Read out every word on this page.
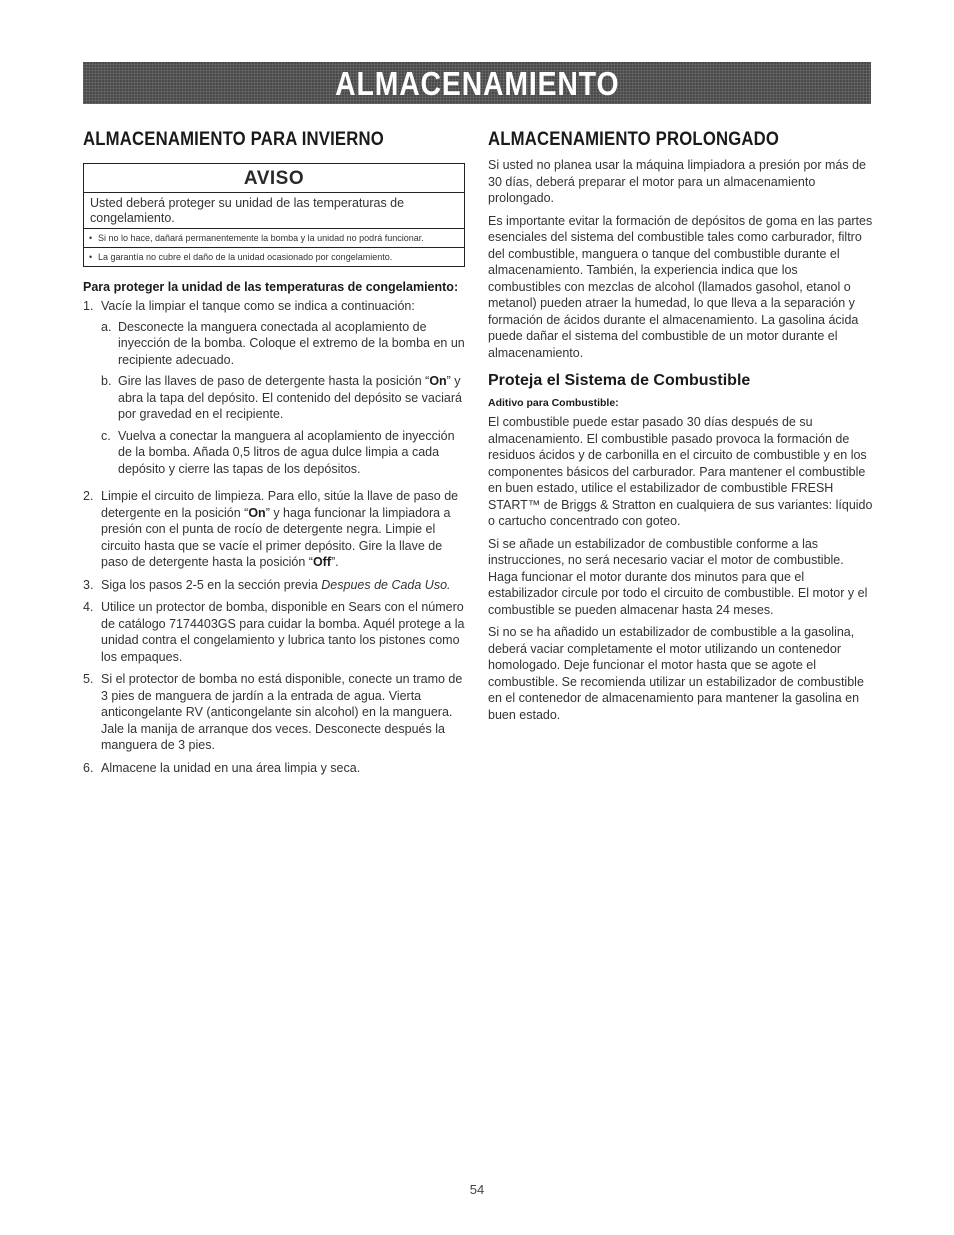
ALMACENAMIENTO
ALMACENAMIENTO PARA INVIERNO
AVISO
Usted deberá proteger su unidad de las temperaturas de congelamiento.
• Si no lo hace, dañará permanentemente la bomba y la unidad no podrá funcionar.
• La garantía no cubre el daño de la unidad ocasionado por congelamiento.
Para proteger la unidad de las temperaturas de congelamiento:
1. Vacíe la limpiar el tanque como se indica a continuación:
a. Desconecte la manguera conectada al acoplamiento de inyección de la bomba. Coloque el extremo de la bomba en un recipiente adecuado.
b. Gire las llaves de paso de detergente hasta la posición “On” y abra la tapa del depósito. El contenido del depósito se vaciará por gravedad en el recipiente.
c. Vuelva a conectar la manguera al acoplamiento de inyección de la bomba. Añada 0,5 litros de agua dulce limpia a cada depósito y cierre las tapas de los depósitos.
2. Limpie el circuito de limpieza. Para ello, sitúe la llave de paso de detergente en la posición “On” y haga funcionar la limpiadora a presión con el punta de rocío de detergente negra. Limpie el circuito hasta que se vacíe el primer depósito. Gire la llave de paso de detergente hasta la posición “Off”.
3. Siga los pasos 2-5 en la sección previa Despues de Cada Uso.
4. Utilice un protector de bomba, disponible en Sears con el número de catálogo 7174403GS para cuidar la bomba. Aquél protege a la unidad contra el congelamiento y lubrica tanto los pistones como los empaques.
5. Si el protector de bomba no está disponible, conecte un tramo de 3 pies de manguera de jardín a la entrada de agua. Vierta anticongelante RV (anticongelante sin alcohol) en la manguera. Jale la manija de arranque dos veces. Desconecte después la manguera de 3 pies.
6. Almacene la unidad en una área limpia y seca.
ALMACENAMIENTO PROLONGADO

Si usted no planea usar la máquina limpiadora a presión por más de 30 días, deberá preparar el motor para un almacenamiento prolongado.

Es importante evitar la formación de depósitos de goma en las partes esenciales del sistema del combustible tales como carburador, filtro del combustible, manguera o tanque del combustible durante el almacenamiento. También, la experiencia indica que los combustibles con mezclas de alcohol (llamados gasohol, etanol o metanol) pueden atraer la humedad, lo que lleva a la separación y formación de ácidos durante el almacenamiento. La gasolina ácida puede dañar el sistema del combustible de un motor durante el almacenamiento.

Proteja el Sistema de Combustible
Aditivo para Combustible:

El combustible puede estar pasado 30 días después de su almacenamiento. El combustible pasado provoca la formación de residuos ácidos y de carbonilla en el circuito de combustible y en los componentes básicos del carburador. Para mantener el combustible en buen estado, utilice el estabilizador de combustible FRESH START™ de Briggs & Stratton en cualquiera de sus variantes: líquido o cartucho concentrado con goteo.

Si se añade un estabilizador de combustible conforme a las instrucciones, no será necesario vaciar el motor de combustible. Haga funcionar el motor durante dos minutos para que el estabilizador circule por todo el circuito de combustible. El motor y el combustible se pueden almacenar hasta 24 meses.

Si no se ha añadido un estabilizador de combustible a la gasolina, deberá vaciar completamente el motor utilizando un contenedor homologado. Deje funcionar el motor hasta que se agote el combustible. Se recomienda utilizar un estabilizador de combustible en el contenedor de almacenamiento para mantener la gasolina en buen estado.

54
